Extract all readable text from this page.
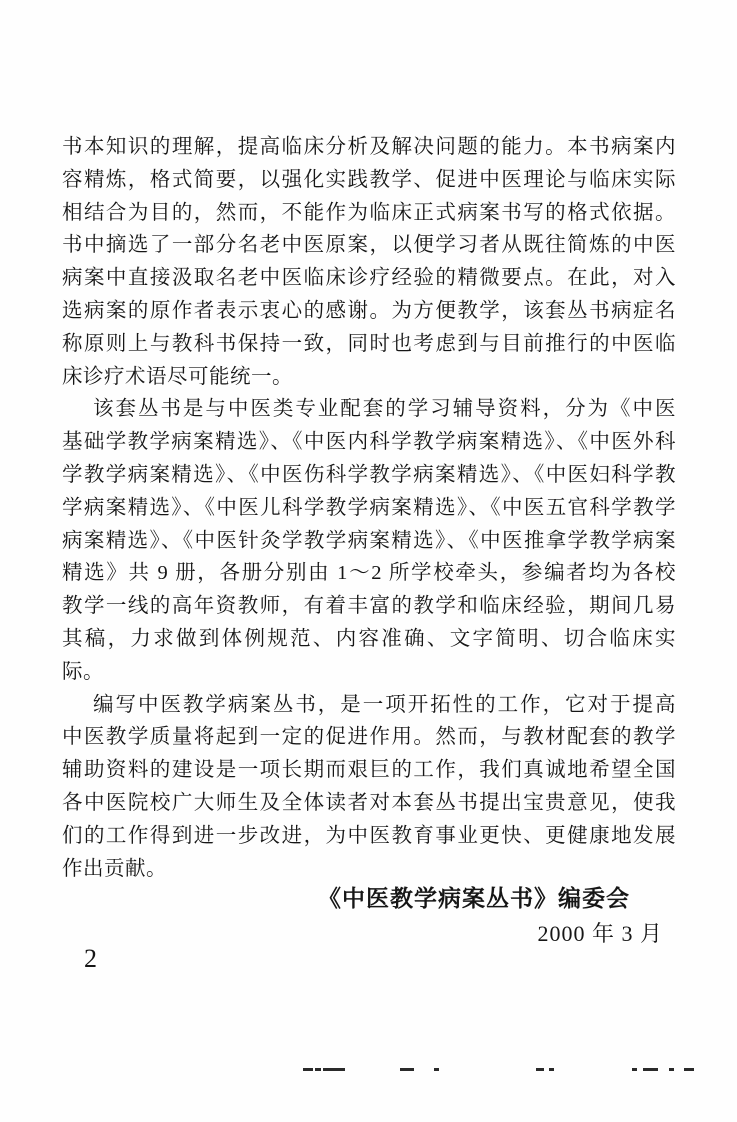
书本知识的理解，提高临床分析及解决问题的能力。本书病案内
容精炼，格式简要，以强化实践教学、促进中医理论与临床实际
相结合为目的，然而，不能作为临床正式病案书写的格式依据。
书中摘选了一部分名老中医原案，以便学习者从既往简炼的中医
病案中直接汲取名老中医临床诊疗经验的精微要点。在此，对入
选病案的原作者表示衷心的感谢。为方便教学，该套丛书病症名
称原则上与教科书保持一致，同时也考虑到与目前推行的中医临
床诊疗术语尽可能统一。
该套丛书是与中医类专业配套的学习辅导资料，分为《中医
基础学教学病案精选》、《中医内科学教学病案精选》、《中医外科
学教学病案精选》、《中医伤科学教学病案精选》、《中医妇科学教
学病案精选》、《中医儿科学教学病案精选》、《中医五官科学教学
病案精选》、《中医针灸学教学病案精选》、《中医推拿学教学病案
精选》共 9 册，各册分别由 1～2 所学校牵头，参编者均为各校
教学一线的高年资教师，有着丰富的教学和临床经验，期间几易
其稿，力求做到体例规范、内容准确、文字简明、切合临床实
际。
编写中医教学病案丛书，是一项开拓性的工作，它对于提高
中医教学质量将起到一定的促进作用。然而，与教材配套的教学
辅助资料的建设是一项长期而艰巨的工作，我们真诚地希望全国
各中医院校广大师生及全体读者对本套丛书提出宝贵意见，使我
们的工作得到进一步改进，为中医教育事业更快、更健康地发展
作出贡献。
《中医教学病案丛书》编委会
2000 年 3 月
2
